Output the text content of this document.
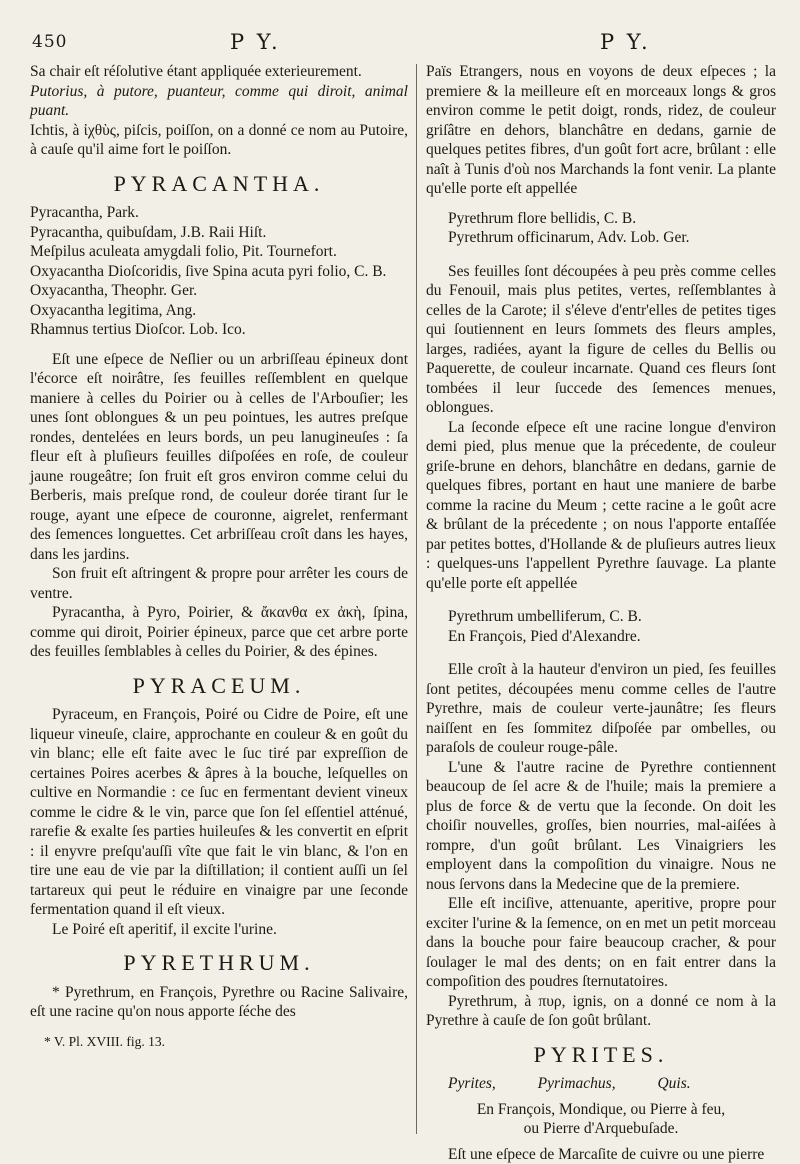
450	P Y.	P Y.

Sa chair eſt réſolutive étant appliquée exterieurement.

Putorius, à putore, puanteur, comme qui diroit, animal puant.

Ichtis, à ἰχθὺς, piſcis, poiſſon, on a donné ce nom au Putoire, à cauſe qu'il aime fort le poiſſon.

PYRACANTHA.

Pyracantha, Park.

Pyracantha, quibuſdam, J.B. Raii Hiſt.

Meſpilus aculeata amygdali folio, Pit. Tournefort.

Oxyacantha Dioſcoridis, ſive Spina acuta pyri folio, C. B.

Oxyacantha, Theophr. Ger.

Oxyacantha legitima, Ang.

Rhamnus tertius Dioſcor. Lob. Ico.

Eſt une eſpece de Neſlier ou un arbriſſeau épineux dont l'écorce eſt noirâtre, ſes feuilles reſſemblent en quelque maniere à celles du Poirier ou à celles de l'Arbouſier; les unes ſont oblongues & un peu pointues, les autres preſque rondes, dentelées en leurs bords, un peu lanugineuſes : ſa fleur eſt à pluſieurs feuilles diſpoſées en roſe, de couleur jaune rougeâtre; ſon fruit eſt gros environ comme celui du Berberis, mais preſque rond, de couleur dorée tirant ſur le rouge, ayant une eſpece de couronne, aigrelet, renfermant des ſemences longuettes. Cet arbriſſeau croît dans les hayes, dans les jardins.

Son fruit eſt aſtringent & propre pour arrêter les cours de ventre.

Pyracantha, à Pyro, Poirier, & ἄκανθα ex ἀκὴ, ſpina, comme qui diroit, Poirier épineux, parce que cet arbre porte des feuilles ſemblables à celles du Poirier, & des épines.

PYRACEUM.

Pyraceum, en François, Poiré ou Cidre de Poire, eſt une liqueur vineuſe, claire, approchante en couleur & en goût du vin blanc; elle eſt faite avec le ſuc tiré par expreſſion de certaines Poires acerbes & âpres à la bouche, leſquelles on cultive en Normandie : ce ſuc en fermentant devient vineux comme le cidre & le vin, parce que ſon ſel eſſentiel atténué, rarefie & exalte ſes parties huileuſes & les convertit en eſprit : il enyvre preſqu'auſſi vîte que fait le vin blanc, & l'on en tire une eau de vie par la diſtillation; il contient auſſi un ſel tartareux qui peut le réduire en vinaigre par une ſeconde fermentation quand il eſt vieux.

Le Poiré eſt aperitif, il excite l'urine.

PYRETHRUM.

* Pyrethrum, en François, Pyrethre ou Racine Salivaire, eſt une racine qu'on nous apporte ſéche des

* V. Pl. XVIII. fig. 13.

Païs Etrangers, nous en voyons de deux eſpeces ; la premiere & la meilleure eſt en morceaux longs & gros environ comme le petit doigt, ronds, ridez, de couleur griſâtre en dehors, blanchâtre en dedans, garnie de quelques petites fibres, d'un goût fort acre, brûlant : elle naît à Tunis d'où nos Marchands la font venir. La plante qu'elle porte eſt appellée

Pyrethrum flore bellidis, C. B.

Pyrethrum officinarum, Adv. Lob. Ger.

Ses feuilles ſont découpées à peu près comme celles du Fenouil, mais plus petites, vertes, reſſemblantes à celles de la Carote; il s'éleve d'entr'elles de petites tiges qui ſoutiennent en leurs ſommets des fleurs amples, larges, radiées, ayant la figure de celles du Bellis ou Paquerette, de couleur incarnate. Quand ces fleurs ſont tombées il leur ſuccede des ſemences menues, oblongues.

La ſeconde eſpece eſt une racine longue d'environ demi pied, plus menue que la précedente, de couleur griſe-brune en dehors, blanchâtre en dedans, garnie de quelques fibres, portant en haut une maniere de barbe comme la racine du Meum ; cette racine a le goût acre & brûlant de la précedente ; on nous l'apporte entaſſée par petites bottes, d'Hollande & de pluſieurs autres lieux : quelques-uns l'appellent Pyrethre ſauvage. La plante qu'elle porte eſt appellée

Pyrethrum umbelliferum, C. B.

En François, Pied d'Alexandre.

Elle croît à la hauteur d'environ un pied, ſes feuilles ſont petites, découpées menu comme celles de l'autre Pyrethre, mais de couleur verte-jaunâtre; ſes fleurs naiſſent en ſes ſommitez diſpoſée par ombelles, ou paraſols de couleur rouge-pâle.

L'une & l'autre racine de Pyrethre contiennent beaucoup de ſel acre & de l'huile; mais la premiere a plus de force & de vertu que la ſeconde. On doit les choiſir nouvelles, groſſes, bien nourries, mal-aiſées à rompre, d'un goût brûlant. Les Vinaigriers les employent dans la compoſition du vinaigre. Nous ne nous ſervons dans la Medecine que de la premiere.

Elle eſt inciſive, attenuante, aperitive, propre pour exciter l'urine & la ſemence, on en met un petit morceau dans la bouche pour faire beaucoup cracher, & pour ſoulager le mal des dents; on en fait entrer dans la compoſition des poudres ſternutatoires.

Pyrethrum, à πυρ, ignis, on a donné ce nom à la Pyrethre à cauſe de ſon goût brûlant.

PYRITES.

Pyrites,	Pyrimachus,	Quis.

En François, Mondique, ou Pierre à feu,

ou Pierre d'Arquebuſade.

Eſt une eſpece de Marcaſite de cuivre ou une pierre
